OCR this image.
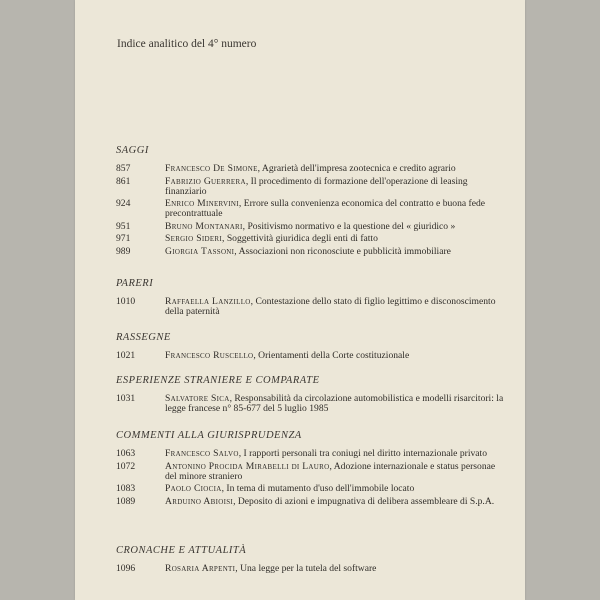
Indice analitico del 4° numero
SAGGI
857	Francesco De Simone, Agrarietà dell'impresa zootecnica e credito agrario
861	Fabrizio Guerrera, Il procedimento di formazione dell'operazione di leasing finanziario
924	Enrico Minervini, Errore sulla convenienza economica del contratto e buona fede precontrattuale
951	Bruno Montanari, Positivismo normativo e la questione del « giuridico »
971	Sergio Sideri, Soggettività giuridica degli enti di fatto
989	Giorgia Tassoni, Associazioni non riconosciute e pubblicità immobiliare
PARERI
1010	Raffaella Lanzillo, Contestazione dello stato di figlio legittimo e disconoscimento della paternità
RASSEGNE
1021	Francesco Ruscello, Orientamenti della Corte costituzionale
ESPERIENZE STRANIERE E COMPARATE
1031	Salvatore Sica, Responsabilità da circolazione automobilistica e modelli risarcitori: la legge francese n° 85-677 del 5 luglio 1985
COMMENTI ALLA GIURISPRUDENZA
1063	Francesco Salvo, I rapporti personali tra coniugi nel diritto internazionale privato
1072	Antonino Procida Mirabelli di Lauro, Adozione internazionale e status personae del minore straniero
1083	Paolo Ciocia, In tema di mutamento d'uso dell'immobile locato
1089	Arduino Abioisi, Deposito di azioni e impugnativa di delibera assembleare di S.p.A.
CRONACHE E ATTUALITÀ
1096	Rosaria Arpenti, Una legge per la tutela del software
